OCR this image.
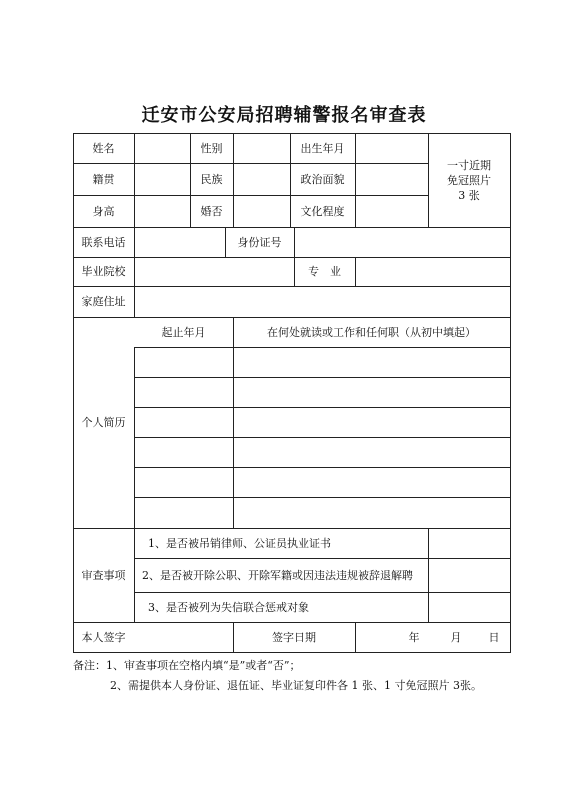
迁安市公安局招聘辅警报名审查表
姓名	性别	出生年月
一寸近期
免冠照片
3 张
籍贯	民族	政治面貌
身高	婚否	文化程度
联系电话	身份证号
毕业院校	专　业
家庭住址
个人简历
起止年月	在何处就读或工作和任何职（从初中填起）
审查事项
1、是否被吊销律师、公证员执业证书
2、是否被开除公职、开除军籍或因违法违规被辞退解聘
3、是否被列为失信联合惩戒对象
本人签字	签字日期	年	月 日
备注：1、审查事项在空格内填“是”或者“否”；
2、需提供本人身份证、退伍证、毕业证复印件各 1 张、1 寸免冠照片 3张。
